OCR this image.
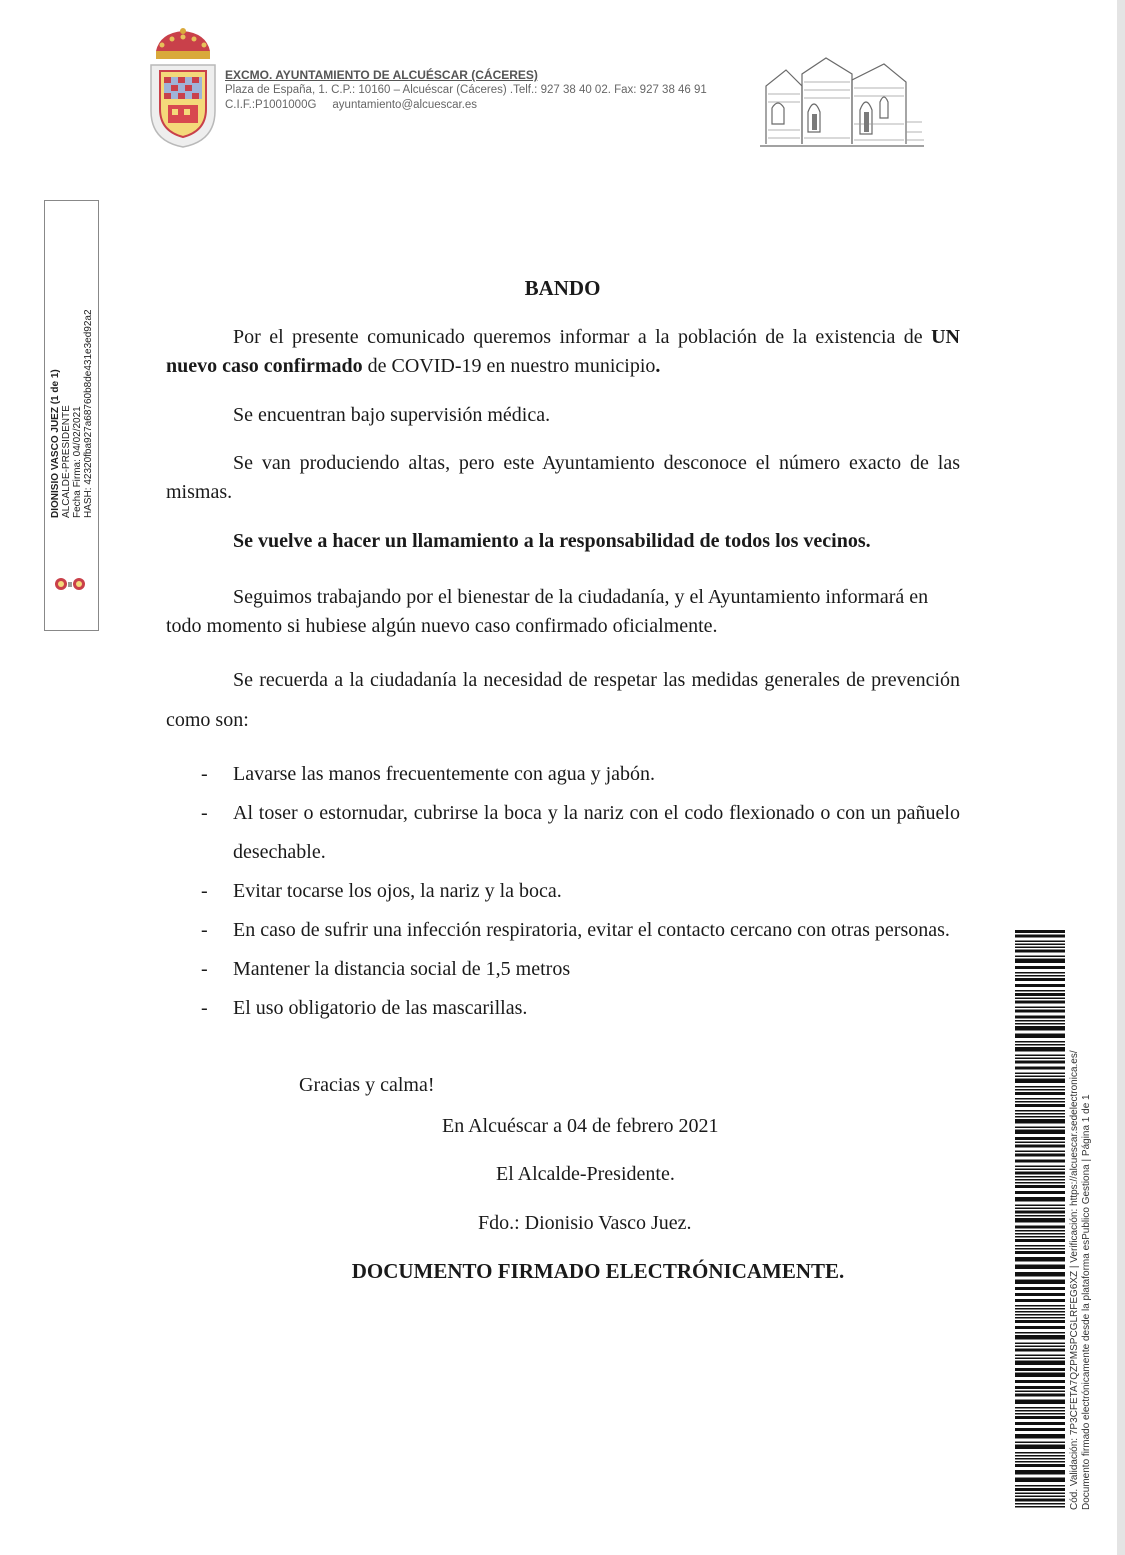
EXCMO. AYUNTAMIENTO DE ALCUÉSCAR (CÁCERES)
Plaza de España, 1. C.P.: 10160 – Alcuéscar (Cáceres) .Telf.: 927 38 40 02. Fax: 927 38 46 91
C.I.F.:P1001000G ayuntamiento@alcuescar.es
DIONISIO VASCO JUEZ (1 de 1) ALCALDE-PRESIDENTE Fecha Firma: 04/02/2021 HASH: 42320fba927a68760b8de431e3ed92a2
BANDO

Por el presente comunicado queremos informar a la población de la existencia de UN nuevo caso confirmado de COVID-19 en nuestro municipio.

Se encuentran bajo supervisión médica.

Se van produciendo altas, pero este Ayuntamiento desconoce el número exacto de las mismas.

Se vuelve a hacer un llamamiento a la responsabilidad de todos los vecinos.

Seguimos trabajando por el bienestar de la ciudadanía, y el Ayuntamiento informará en todo momento si hubiese algún nuevo caso confirmado oficialmente.

Se recuerda a la ciudadanía la necesidad de respetar las medidas generales de prevención como son:

- Lavarse las manos frecuentemente con agua y jabón.
- Al toser o estornudar, cubrirse la boca y la nariz con el codo flexionado o con un pañuelo desechable.
- Evitar tocarse los ojos, la nariz y la boca.
- En caso de sufrir una infección respiratoria, evitar el contacto cercano con otras personas.
- Mantener la distancia social de 1,5 metros
- El uso obligatorio de las mascarillas.
Gracias y calma!
En Alcuéscar a 04 de febrero 2021
El Alcalde-Presidente.
Fdo.: Dionisio Vasco Juez.
DOCUMENTO FIRMADO ELECTRÓNICAMENTE.	Cód. Validación: 7P3CFETA7QZPMSPCGLRFEG6XZ | Verificación: https://alcuescar.sedelectronica.es/ Documento firmado electrónicamente desde la plataforma esPublico Gestiona | Página 1 de 1
